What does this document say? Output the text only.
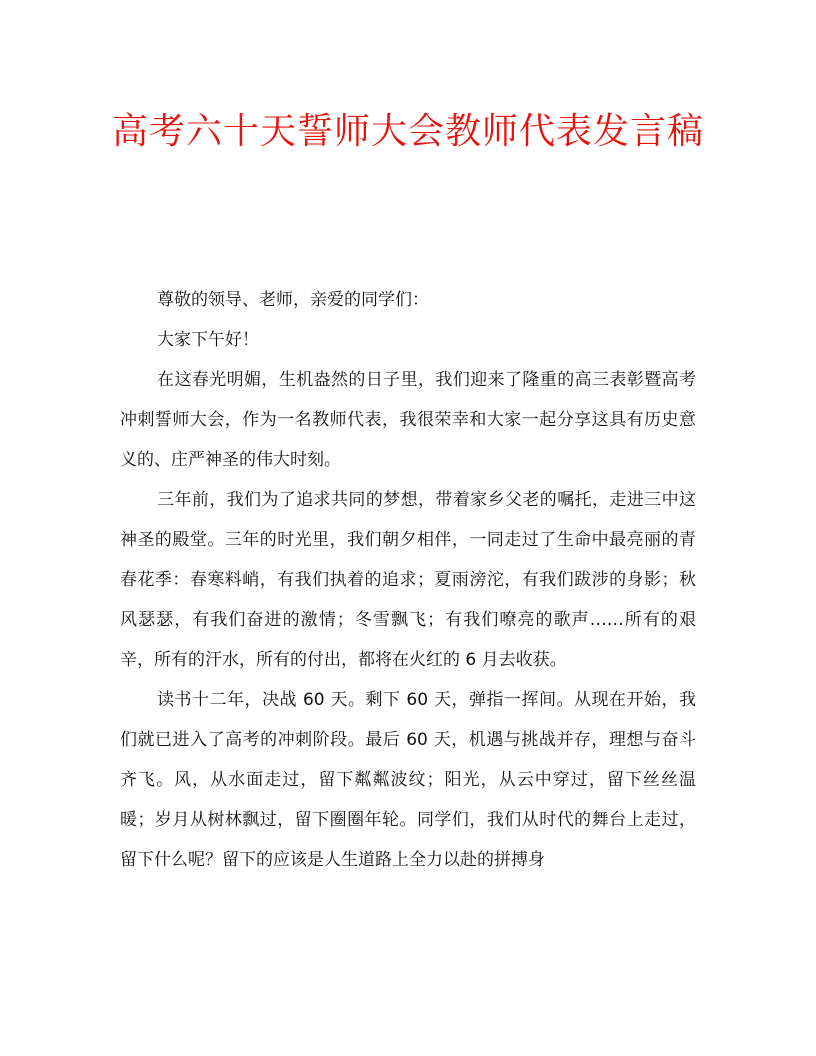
高考六十天誓师大会教师代表发言稿

尊敬的领导、老师，亲爱的同学们：

大家下午好！

在这春光明媚，生机盎然的日子里，我们迎来了隆重的高三表彰暨高考冲刺誓师大会，作为一名教师代表，我很荣幸和大家一起分享这具有历史意义的、庄严神圣的伟大时刻。

三年前，我们为了追求共同的梦想，带着家乡父老的嘱托，走进三中这神圣的殿堂。三年的时光里，我们朝夕相伴，一同走过了生命中最亮丽的青春花季：春寒料峭，有我们执着的追求；夏雨滂沱，有我们跋涉的身影；秋风瑟瑟，有我们奋进的激情；冬雪飘飞；有我们嘹亮的歌声……所有的艰辛，所有的汗水，所有的付出，都将在火红的 6 月去收获。

读书十二年，决战 60 天。剩下 60 天，弹指一挥间。从现在开始，我们就已进入了高考的冲刺阶段。最后 60 天，机遇与挑战并存，理想与奋斗齐飞。风，从水面走过，留下粼粼波纹；阳光，从云中穿过，留下丝丝温暖；岁月从树林飘过，留下圈圈年轮。同学们，我们从时代的舞台上走过，留下什么呢？留下的应该是人生道路上全力以赴的拼搏身
